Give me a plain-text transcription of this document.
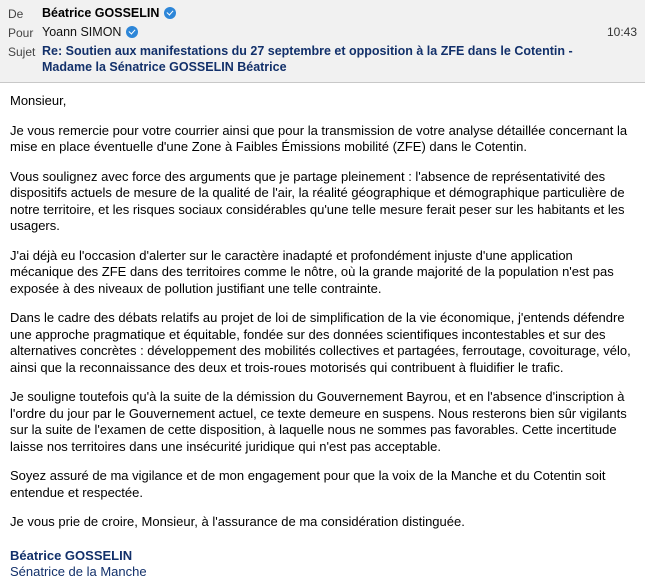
De	Béatrice GOSSELIN
Pour Yoann SIMON	10:43
Sujet Re: Soutien aux manifestations du 27 septembre et opposition à la ZFE dans le Cotentin - Madame la Sénatrice GOSSELIN Béatrice

Monsieur,

Je vous remercie pour votre courrier ainsi que pour la transmission de votre analyse détaillée concernant la mise en place éventuelle d'une Zone à Faibles Émissions mobilité (ZFE) dans le Cotentin.

Vous soulignez avec force des arguments que je partage pleinement : l'absence de représentativité des dispositifs actuels de mesure de la qualité de l'air, la réalité géographique et démographique particulière de notre territoire, et les risques sociaux considérables qu'une telle mesure ferait peser sur les habitants et les usagers.

J'ai déjà eu l'occasion d'alerter sur le caractère inadapté et profondément injuste d'une application mécanique des ZFE dans des territoires comme le nôtre, où la grande majorité de la population n'est pas exposée à des niveaux de pollution justifiant une telle contrainte.

Dans le cadre des débats relatifs au projet de loi de simplification de la vie économique, j'entends défendre une approche pragmatique et équitable, fondée sur des données scientifiques incontestables et sur des alternatives concrètes : développement des mobilités collectives et partagées, ferroutage, covoiturage, vélo, ainsi que la reconnaissance des deux et trois-roues motorisés qui contribuent à fluidifier le trafic.

Je souligne toutefois qu'à la suite de la démission du Gouvernement Bayrou, et en l'absence d'inscription à l'ordre du jour par le Gouvernement actuel, ce texte demeure en suspens. Nous resterons bien sûr vigilants sur la suite de l'examen de cette disposition, à laquelle nous ne sommes pas favorables. Cette incertitude laisse nos territoires dans une insécurité juridique qui n'est pas acceptable.

Soyez assuré de ma vigilance et de mon engagement pour que la voix de la Manche et du Cotentin soit entendue et respectée.

Je vous prie de croire, Monsieur, à l'assurance de ma considération distinguée.

Béatrice GOSSELIN
Sénatrice de la Manche
